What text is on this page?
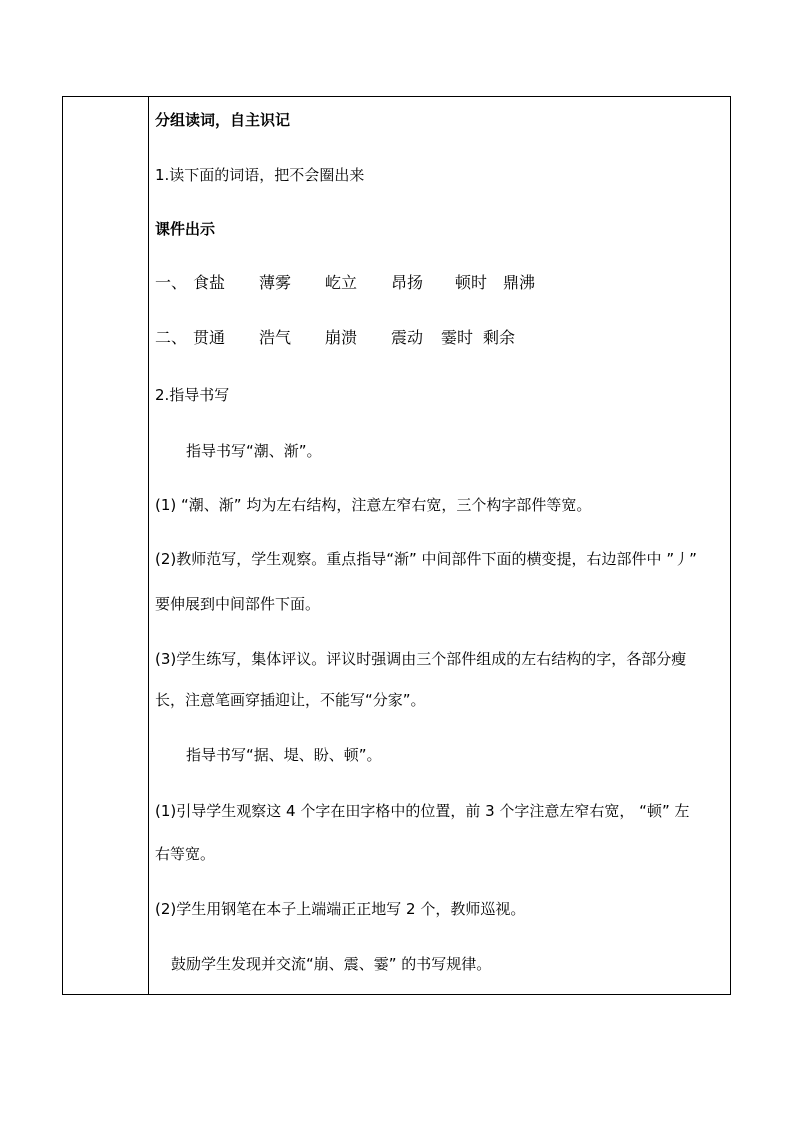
分组读词，自主识记
1.读下面的词语，把不会圈出来
课件出示
一、 食盐 薄雾 屹立 昂扬 顿时 鼎沸
二、 贯通 浩气 崩溃 震动 霎时 剩余
2.指导书写
指导书写“潮、渐”。
(1) “潮、渐” 均为左右结构，注意左窄右宽，三个构字部件等宽。
(2)教师范写，学生观察。重点指导“渐” 中间部件下面的横变提，右边部件中 ”丿”
要伸展到中间部件下面。
(3)学生练写，集体评议。评议时强调由三个部件组成的左右结构的字，各部分瘦
长，注意笔画穿插迎让，不能写“分家”。
指导书写“据、堤、盼、顿”。
(1)引导学生观察这 4 个字在田字格中的位置，前 3 个字注意左窄右宽， “顿” 左
右等宽。
(2)学生用钢笔在本子上端端正正地写 2 个，教师巡视。
鼓励学生发现并交流“崩、震、霎” 的书写规律。
